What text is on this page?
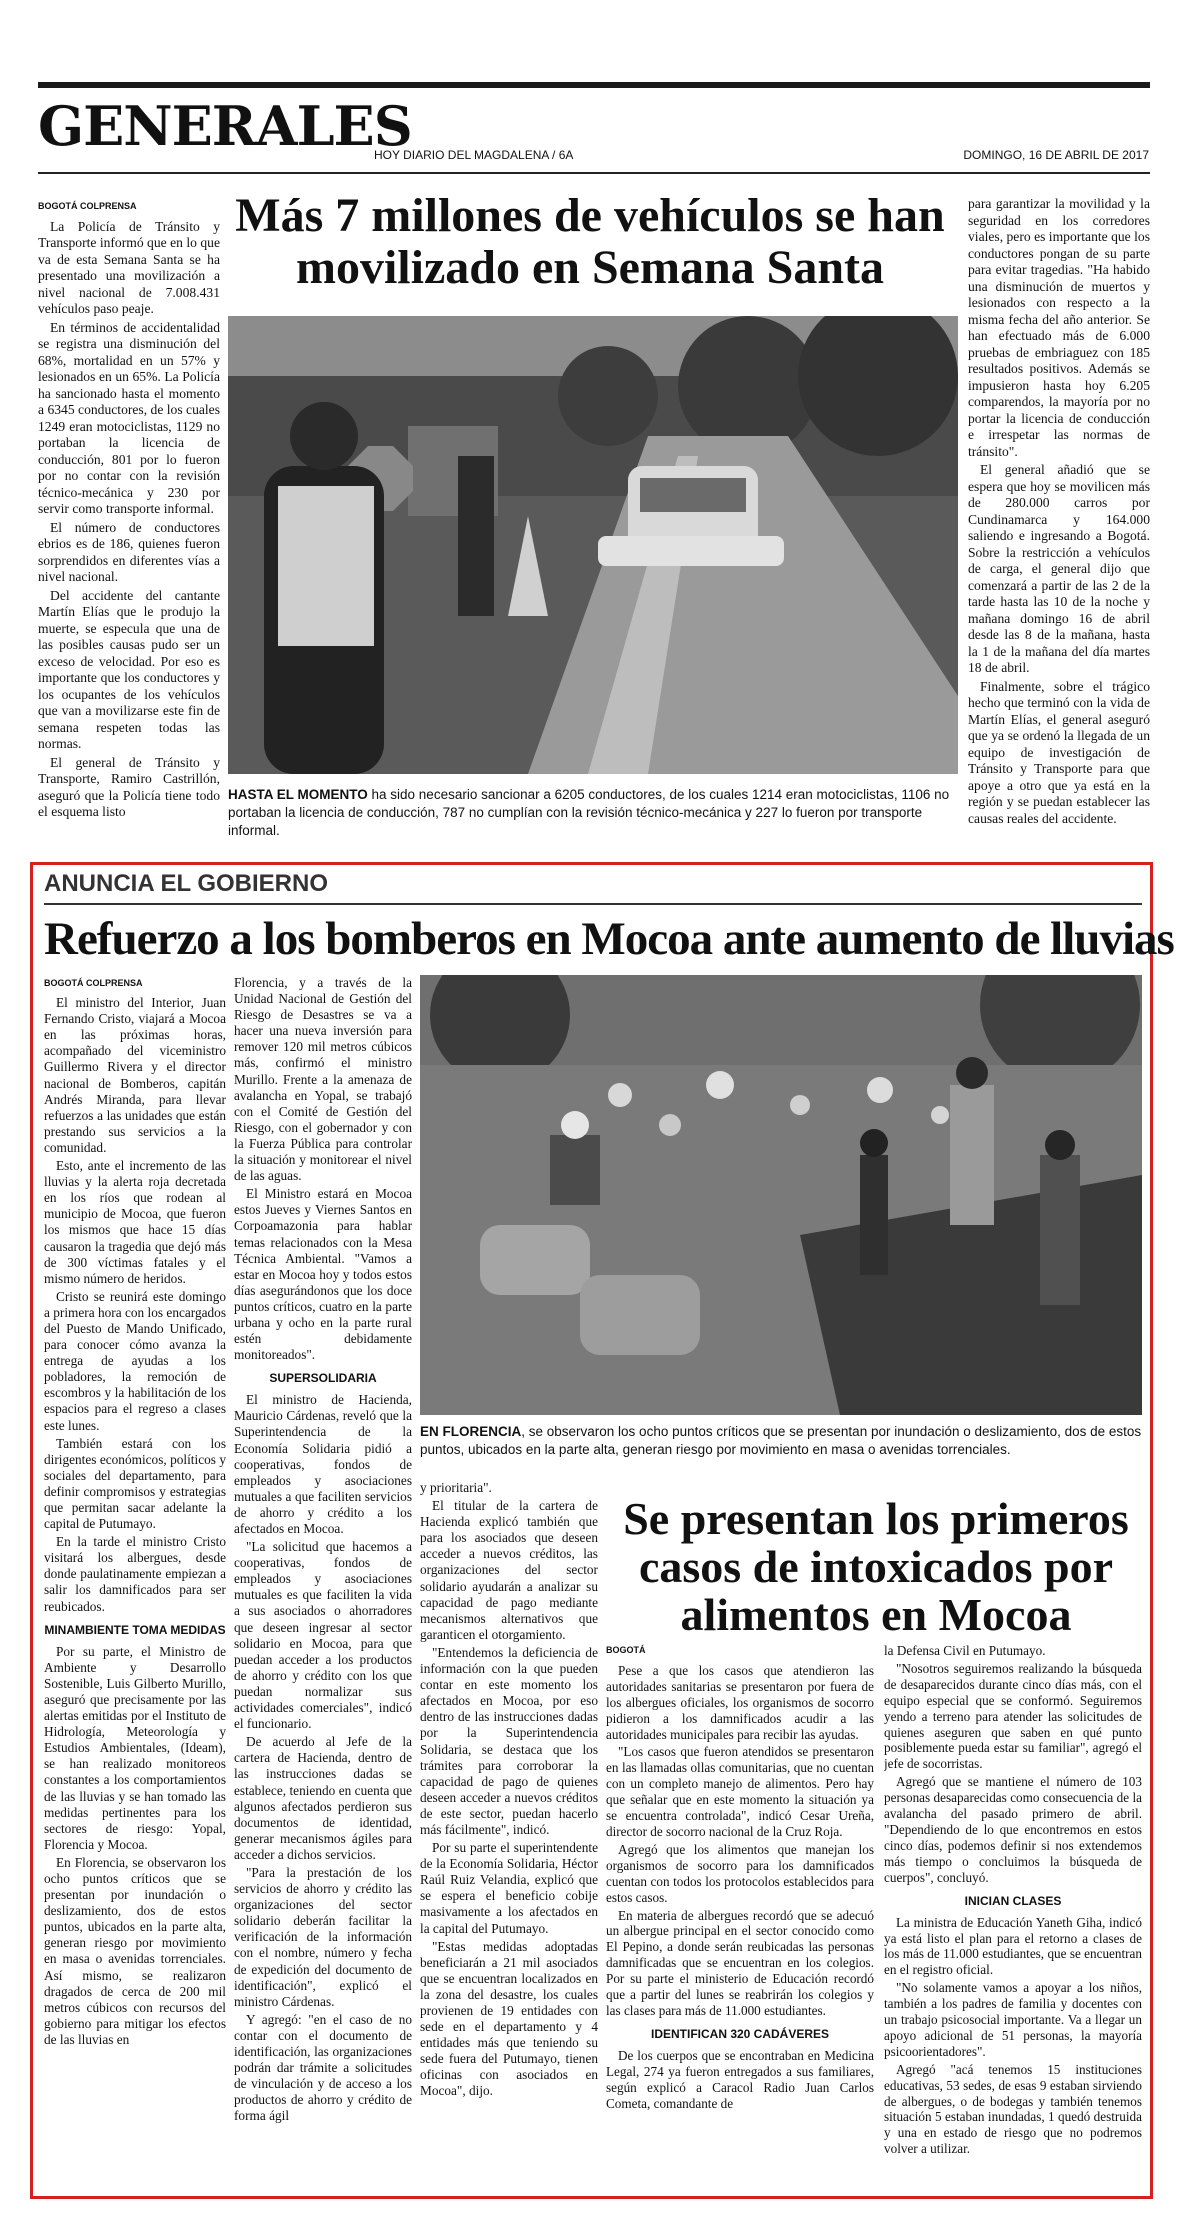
GENERALES
HOY DIARIO DEL MAGDALENA / 6A	DOMINGO, 16 DE ABRIL DE 2017

BOGOTÁ COLPRENSA

La Policía de Tránsito y Transporte informó que en lo que va de esta Semana Santa se ha presentado una movilización a nivel nacional de 7.008.431 vehículos paso peaje.

En términos de accidentalidad se registra una disminución del 68%, mortalidad en un 57% y lesionados en un 65%. La Policía ha sancionado hasta el momento a 6345 conductores, de los cuales 1249 eran motociclistas, 1129 no portaban la licencia de conducción, 801 por lo fueron por no contar con la revisión técnico-mecánica y 230 por servir como transporte informal.

El número de conductores ebrios es de 186, quienes fueron sorprendidos en diferentes vías a nivel nacional.

Del accidente del cantante Martín Elías que le produjo la muerte, se especula que una de las posibles causas pudo ser un exceso de velocidad. Por eso es importante que los conductores y los ocupantes de los vehículos que van a movilizarse este fin de semana respeten todas las normas.

El general de Tránsito y Transporte, Ramiro Castrillón, aseguró que la Policía tiene todo el esquema listo

Más 7 millones de vehículos se han movilizado en Semana Santa
HASTA EL MOMENTO ha sido necesario sancionar a 6205 conductores, de los cuales 1214 eran motociclistas, 1106 no portaban la licencia de conducción, 787 no cumplían con la revisión técnico-mecánica y 227 lo fueron por transporte informal.

para garantizar la movilidad y la seguridad en los corredores viales, pero es importante que los conductores pongan de su parte para evitar tragedias. "Ha habido una disminución de muertos y lesionados con respecto a la misma fecha del año anterior. Se han efectuado más de 6.000 pruebas de embriaguez con 185 resultados positivos. Además se impusieron hasta hoy 6.205 comparendos, la mayoría por no portar la licencia de conducción e irrespetar las normas de tránsito".

El general añadió que se espera que hoy se movilicen más de 280.000 carros por Cundinamarca y 164.000 saliendo e ingresando a Bogotá. Sobre la restricción a vehículos de carga, el general dijo que comenzará a partir de las 2 de la tarde hasta las 10 de la noche y mañana domingo 16 de abril desde las 8 de la mañana, hasta la 1 de la mañana del día martes 18 de abril.

Finalmente, sobre el trágico hecho que terminó con la vida de Martín Elías, el general aseguró que ya se ordenó la llegada de un equipo de investigación de Tránsito y Transporte para que apoye a otro que ya está en la región y se puedan establecer las causas reales del accidente.

ANUNCIA EL GOBIERNO
Refuerzo a los bomberos en Mocoa ante aumento de lluvias

BOGOTÁ COLPRENSA

El ministro del Interior, Juan Fernando Cristo, viajará a Mocoa en las próximas horas, acompañado del viceministro Guillermo Rivera y el director nacional de Bomberos, capitán Andrés Miranda, para llevar refuerzos a las unidades que están prestando sus servicios a la comunidad.

Esto, ante el incremento de las lluvias y la alerta roja decretada en los ríos que rodean al municipio de Mocoa, que fueron los mismos que hace 15 días causaron la tragedia que dejó más de 300 víctimas fatales y el mismo número de heridos.

Cristo se reunirá este domingo a primera hora con los encargados del Puesto de Mando Unificado, para conocer cómo avanza la entrega de ayudas a los pobladores, la remoción de escombros y la habilitación de los espacios para el regreso a clases este lunes.

También estará con los dirigentes económicos, políticos y sociales del departamento, para definir compromisos y estrategias que permitan sacar adelante la capital de Putumayo.

En la tarde el ministro Cristo visitará los albergues, desde donde paulatinamente empiezan a salir los damnificados para ser reubicados.

MINAMBIENTE TOMA MEDIDAS

Por su parte, el Ministro de Ambiente y Desarrollo Sostenible, Luis Gilberto Murillo, aseguró que precisamente por las alertas emitidas por el Instituto de Hidrología, Meteorología y Estudios Ambientales, (Ideam), se han realizado monitoreos constantes a los comportamientos de las lluvias y se han tomado las medidas pertinentes para los sectores de riesgo: Yopal, Florencia y Mocoa.

En Florencia, se observaron los ocho puntos críticos que se presentan por inundación o deslizamiento, dos de estos puntos, ubicados en la parte alta, generan riesgo por movimiento en masa o avenidas torrenciales. Así mismo, se realizaron dragados de cerca de 200 mil metros cúbicos con recursos del gobierno para mitigar los efectos de las lluvias en

Florencia, y a través de la Unidad Nacional de Gestión del Riesgo de Desastres se va a hacer una nueva inversión para remover 120 mil metros cúbicos más, confirmó el ministro Murillo. Frente a la amenaza de avalancha en Yopal, se trabajó con el Comité de Gestión del Riesgo, con el gobernador y con la Fuerza Pública para controlar la situación y monitorear el nivel de las aguas.

El Ministro estará en Mocoa estos Jueves y Viernes Santos en Corpoamazonia para hablar temas relacionados con la Mesa Técnica Ambiental. "Vamos a estar en Mocoa hoy y todos estos días asegurándonos que los doce puntos críticos, cuatro en la parte urbana y ocho en la parte rural estén debidamente monitoreados".

SUPERSOLIDARIA

El ministro de Hacienda, Mauricio Cárdenas, reveló que la Superintendencia de la Economía Solidaria pidió a cooperativas, fondos de empleados y asociaciones mutuales a que faciliten servicios de ahorro y crédito a los afectados en Mocoa.

"La solicitud que hacemos a cooperativas, fondos de empleados y asociaciones mutuales es que faciliten la vida a sus asociados o ahorradores que deseen ingresar al sector solidario en Mocoa, para que puedan acceder a los productos de ahorro y crédito con los que puedan normalizar sus actividades comerciales", indicó el funcionario.

De acuerdo al Jefe de la cartera de Hacienda, dentro de las instrucciones dadas se establece, teniendo en cuenta que algunos afectados perdieron sus documentos de identidad, generar mecanismos ágiles para acceder a dichos servicios.

"Para la prestación de los servicios de ahorro y crédito las organizaciones del sector solidario deberán facilitar la verificación de la información con el nombre, número y fecha de expedición del documento de identificación", explicó el ministro Cárdenas.

Y agregó: "en el caso de no contar con el documento de identificación, las organizaciones podrán dar trámite a solicitudes de vinculación y de acceso a los productos de ahorro y crédito de forma ágil

EN FLORENCIA, se observaron los ocho puntos críticos que se presentan por inundación o deslizamiento, dos de estos puntos, ubicados en la parte alta, generan riesgo por movimiento en masa o avenidas torrenciales.

y prioritaria".

El titular de la cartera de Hacienda explicó también que para los asociados que deseen acceder a nuevos créditos, las organizaciones del sector solidario ayudarán a analizar su capacidad de pago mediante mecanismos alternativos que garanticen el otorgamiento.

"Entendemos la deficiencia de información con la que pueden contar en este momento los afectados en Mocoa, por eso dentro de las instrucciones dadas por la Superintendencia Solidaria, se destaca que los trámites para corroborar la capacidad de pago de quienes deseen acceder a nuevos créditos de este sector, puedan hacerlo más fácilmente", indicó.

Por su parte el superintendente de la Economía Solidaria, Héctor Raúl Ruiz Velandia, explicó que se espera el beneficio cobije masivamente a los afectados en la capital del Putumayo.

"Estas medidas adoptadas beneficiarán a 21 mil asociados que se encuentran localizados en la zona del desastre, los cuales provienen de 19 entidades con sede en el departamento y 4 entidades más que teniendo su sede fuera del Putumayo, tienen oficinas con asociados en Mocoa", dijo.

Se presentan los primeros casos de intoxicados por alimentos en Mocoa

BOGOTÁ

Pese a que los casos que atendieron las autoridades sanitarias se presentaron por fuera de los albergues oficiales, los organismos de socorro pidieron a los damnificados acudir a las autoridades municipales para recibir las ayudas.

"Los casos que fueron atendidos se presentaron en las llamadas ollas comunitarias, que no cuentan con un completo manejo de alimentos. Pero hay que señalar que en este momento la situación ya se encuentra controlada", indicó Cesar Ureña, director de socorro nacional de la Cruz Roja.

Agregó que los alimentos que manejan los organismos de socorro para los damnificados cuentan con todos los protocolos establecidos para estos casos.

En materia de albergues recordó que se adecuó un albergue principal en el sector conocido como El Pepino, a donde serán reubicadas las personas damnificadas que se encuentran en los colegios. Por su parte el ministerio de Educación recordó que a partir del lunes se reabrirán los colegios y las clases para más de 11.000 estudiantes.

IDENTIFICAN 320 CADÁVERES

De los cuerpos que se encontraban en Medicina Legal, 274 ya fueron entregados a sus familiares, según explicó a Caracol Radio Juan Carlos Cometa, comandante de

la Defensa Civil en Putumayo.

"Nosotros seguiremos realizando la búsqueda de desaparecidos durante cinco días más, con el equipo especial que se conformó. Seguiremos yendo a terreno para atender las solicitudes de quienes aseguren que saben en qué punto posiblemente pueda estar su familiar", agregó el jefe de socorristas.

Agregó que se mantiene el número de 103 personas desaparecidas como consecuencia de la avalancha del pasado primero de abril. "Dependiendo de lo que encontremos en estos cinco días, podemos definir si nos extendemos más tiempo o concluimos la búsqueda de cuerpos", concluyó.

INICIAN CLASES

La ministra de Educación Yaneth Giha, indicó ya está listo el plan para el retorno a clases de los más de 11.000 estudiantes, que se encuentran en el registro oficial.

"No solamente vamos a apoyar a los niños, también a los padres de familia y docentes con un trabajo psicosocial importante. Va a llegar un apoyo adicional de 51 personas, la mayoría psicoorientadores".

Agregó "acá tenemos 15 instituciones educativas, 53 sedes, de esas 9 estaban sirviendo de albergues, o de bodegas y también tenemos situación 5 estaban inundadas, 1 quedó destruida y una en estado de riesgo que no podremos volver a utilizar.
